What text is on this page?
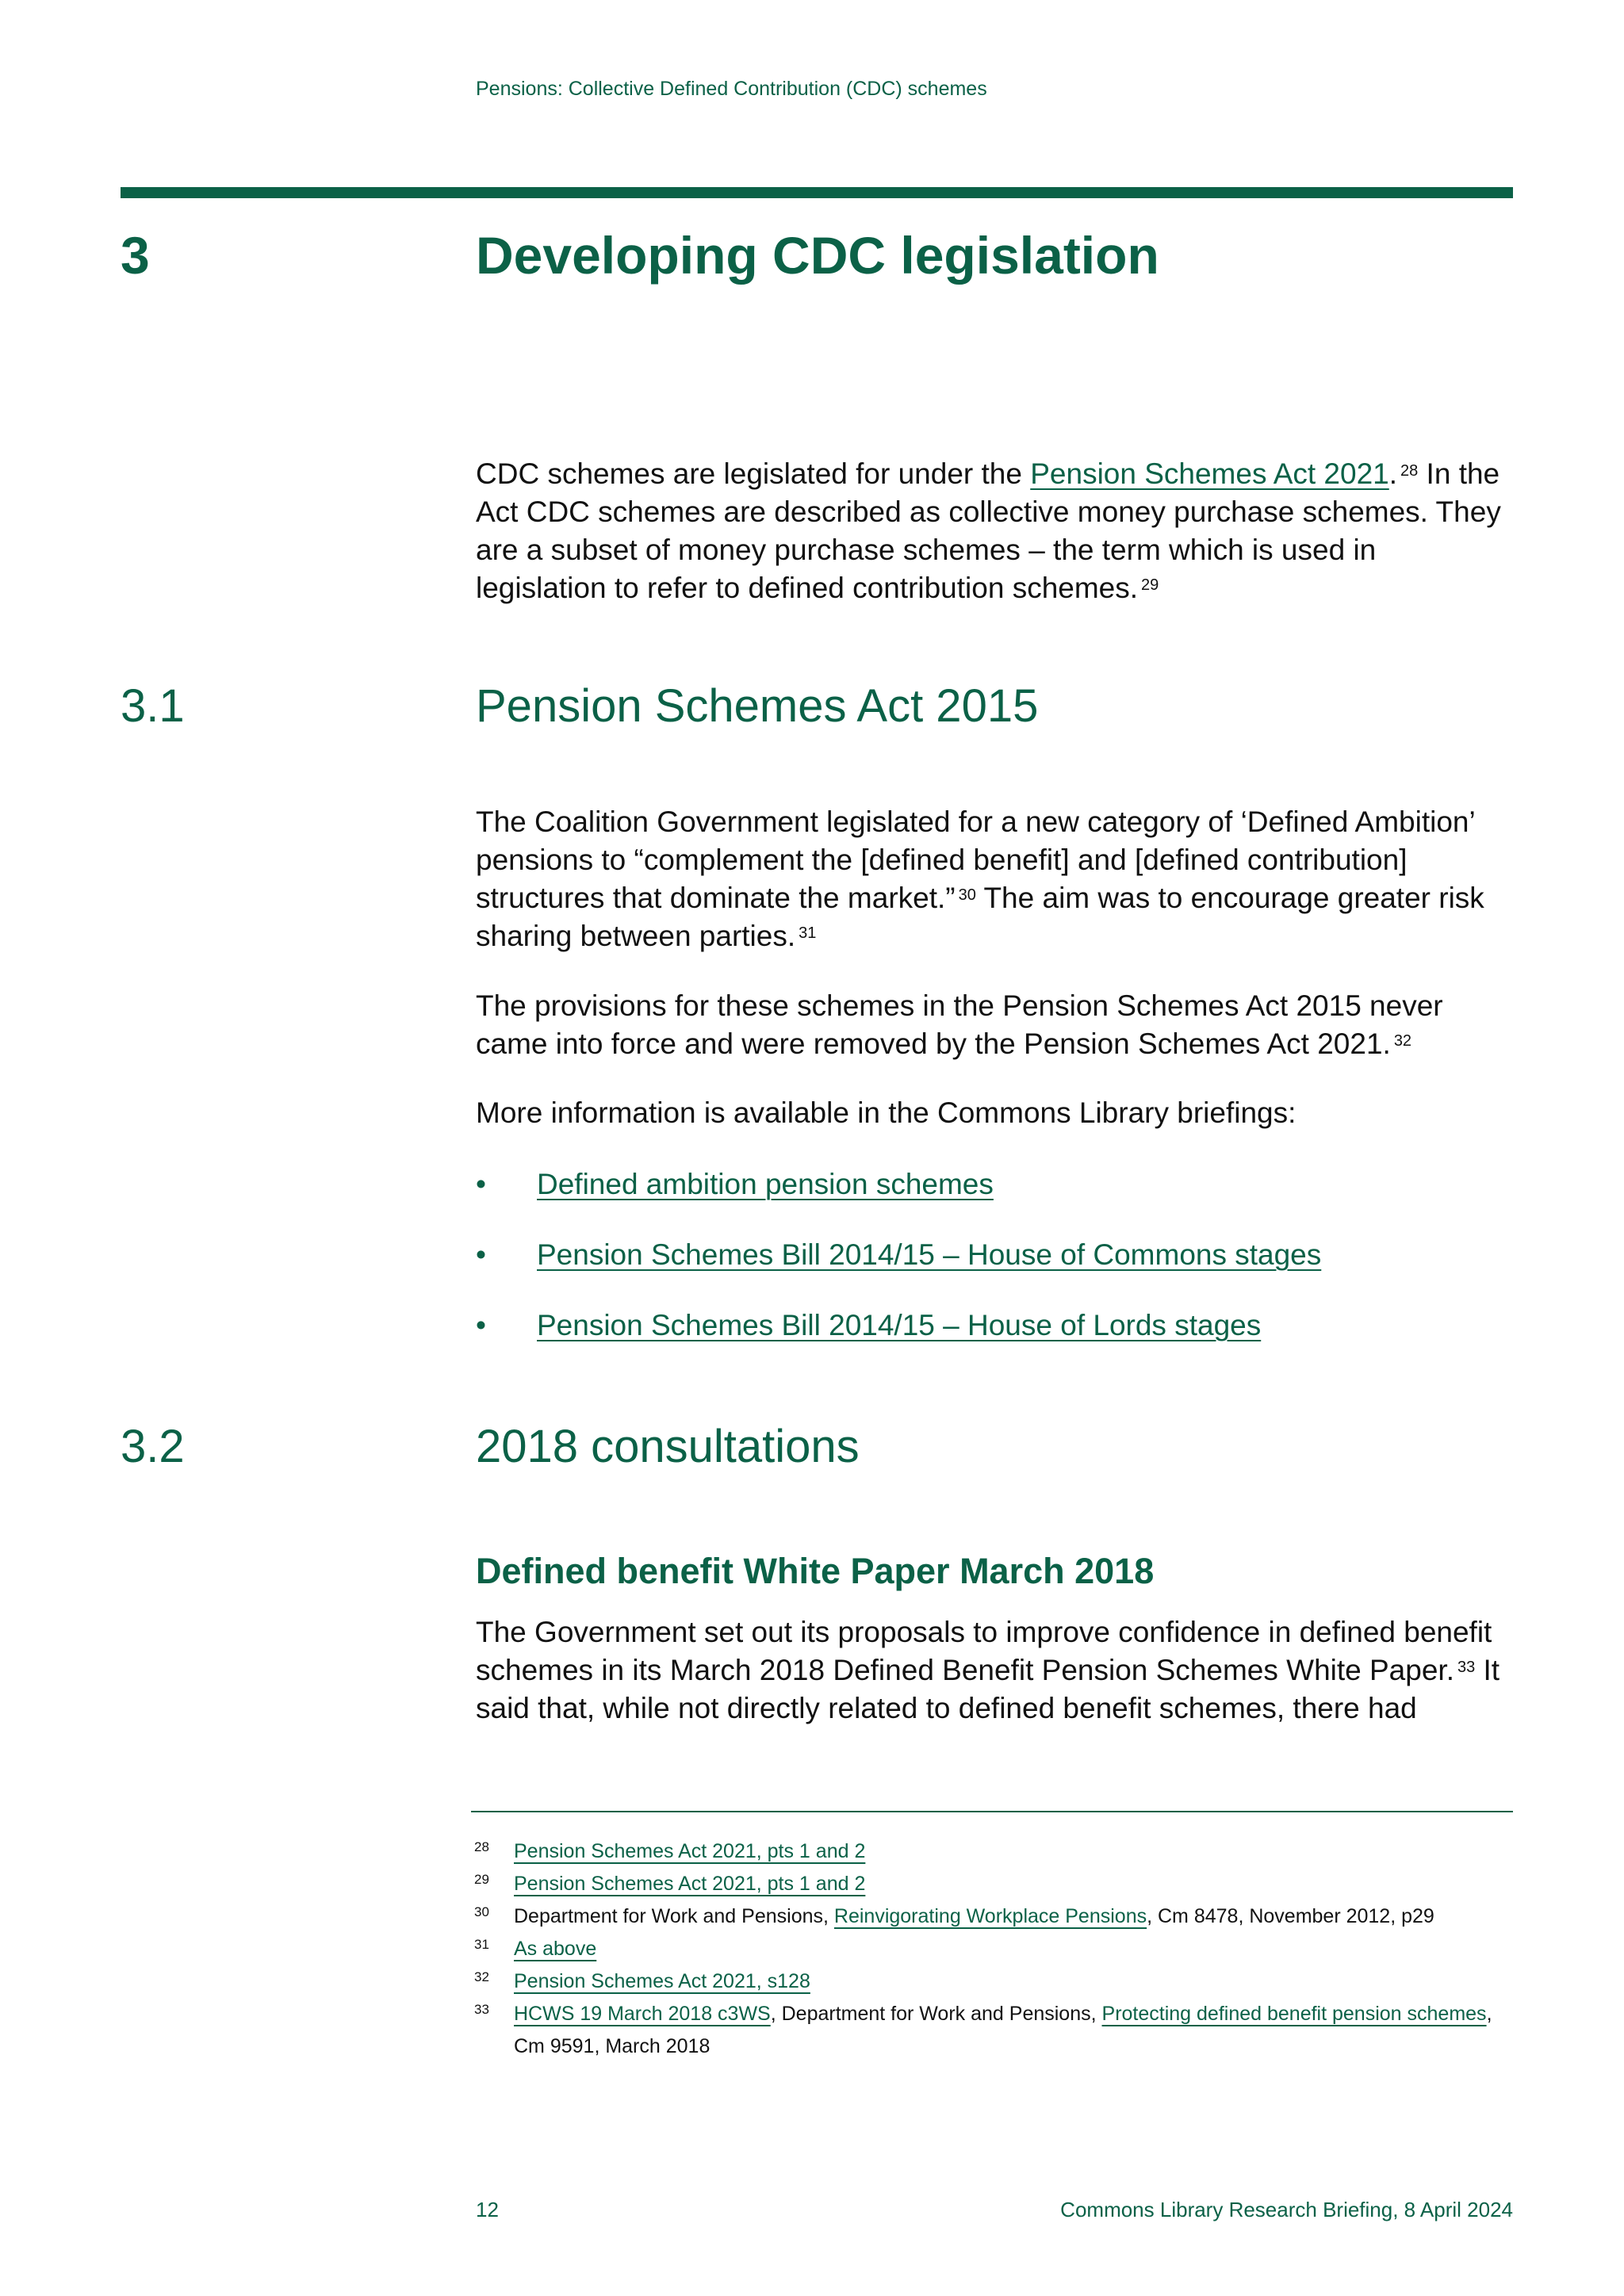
Pensions: Collective Defined Contribution (CDC) schemes
3	Developing CDC legislation

CDC schemes are legislated for under the Pension Schemes Act 2021. $^{28}$ In the Act CDC schemes are described as collective money purchase schemes. They are a subset of money purchase schemes – the term which is used in legislation to refer to defined contribution schemes. $^{29}$

3.1	Pension Schemes Act 2015

The Coalition Government legislated for a new category of ‘Defined Ambition’ pensions to “complement the [defined benefit] and [defined contribution] structures that dominate the market.” $^{30}$ The aim was to encourage greater risk sharing between parties. $^{31}$

The provisions for these schemes in the Pension Schemes Act 2015 never came into force and were removed by the Pension Schemes Act 2021. $^{32}$

More information is available in the Commons Library briefings:

• Defined ambition pension schemes
• Pension Schemes Bill 2014/15 – House of Commons stages
• Pension Schemes Bill 2014/15 – House of Lords stages
3.2	2018 consultations
Defined benefit White Paper March 2018

The Government set out its proposals to improve confidence in defined benefit schemes in its March 2018 Defined Benefit Pension Schemes White Paper. $^{33}$ It said that, while not directly related to defined benefit schemes, there had

28 Pension Schemes Act 2021, pts 1 and 2
29 Pension Schemes Act 2021, pts 1 and 2
30 Department for Work and Pensions, Reinvigorating Workplace Pensions, Cm 8478, November 2012, p29
31 As above
32 Pension Schemes Act 2021, s128
33 HCWS 19 March 2018 c3WS, Department for Work and Pensions, Protecting defined benefit pension schemes, Cm 9591, March 2018
12	Commons Library Research Briefing, 8 April 2024
